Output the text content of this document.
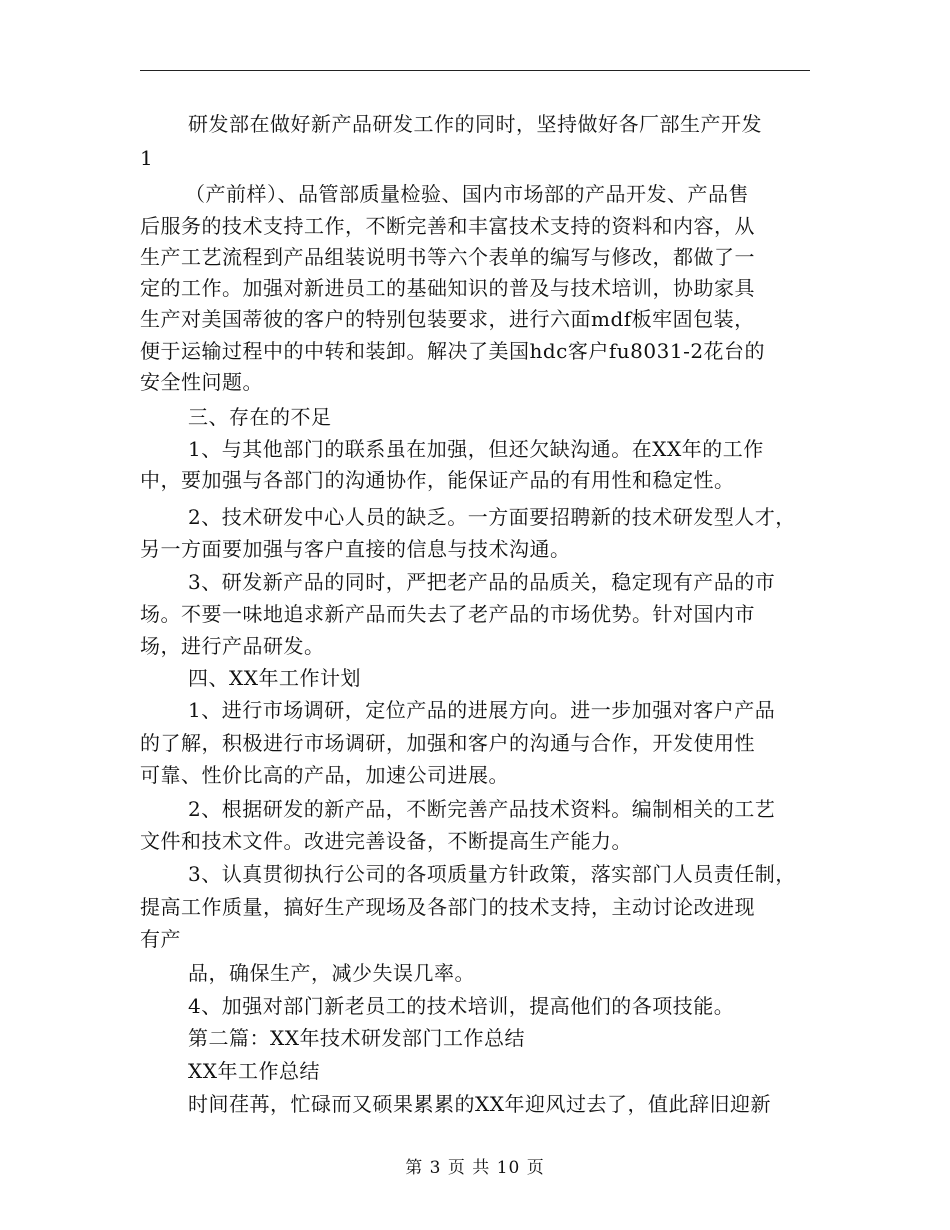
研发部在做好新产品研发工作的同时，坚持做好各厂部生产开发
1
（产前样）、品管部质量检验、国内市场部的产品开发、产品售
后服务的技术支持工作，不断完善和丰富技术支持的资料和内容，从
生产工艺流程到产品组装说明书等六个表单的编写与修改，都做了一
定的工作。加强对新进员工的基础知识的普及与技术培训，协助家具
生产对美国蒂彼的客户的特别包装要求，进行六面mdf板牢固包装，
便于运输过程中的中转和装卸。解决了美国hdc客户fu8031-2花台的
安全性问题。
三、存在的不足
1、与其他部门的联系虽在加强，但还欠缺沟通。在XX年的工作
中，要加强与各部门的沟通协作，能保证产品的有用性和稳定性。
2、技术研发中心人员的缺乏。一方面要招聘新的技术研发型人才，
另一方面要加强与客户直接的信息与技术沟通。
3、研发新产品的同时，严把老产品的品质关，稳定现有产品的市
场。不要一味地追求新产品而失去了老产品的市场优势。针对国内市
场，进行产品研发。
四、XX年工作计划
1、进行市场调研，定位产品的进展方向。进一步加强对客户产品
的了解，积极进行市场调研，加强和客户的沟通与合作，开发使用性
可靠、性价比高的产品，加速公司进展。
2、根据研发的新产品，不断完善产品技术资料。编制相关的工艺
文件和技术文件。改进完善设备，不断提高生产能力。
3、认真贯彻执行公司的各项质量方针政策，落实部门人员责任制，
提高工作质量，搞好生产现场及各部门的技术支持，主动讨论改进现
有产
品，确保生产，减少失误几率。
4、加强对部门新老员工的技术培训，提高他们的各项技能。
第二篇：XX年技术研发部门工作总结
XX年工作总结
时间荏苒，忙碌而又硕果累累的XX年迎风过去了，值此辞旧迎新
第 3 页 共 10 页
